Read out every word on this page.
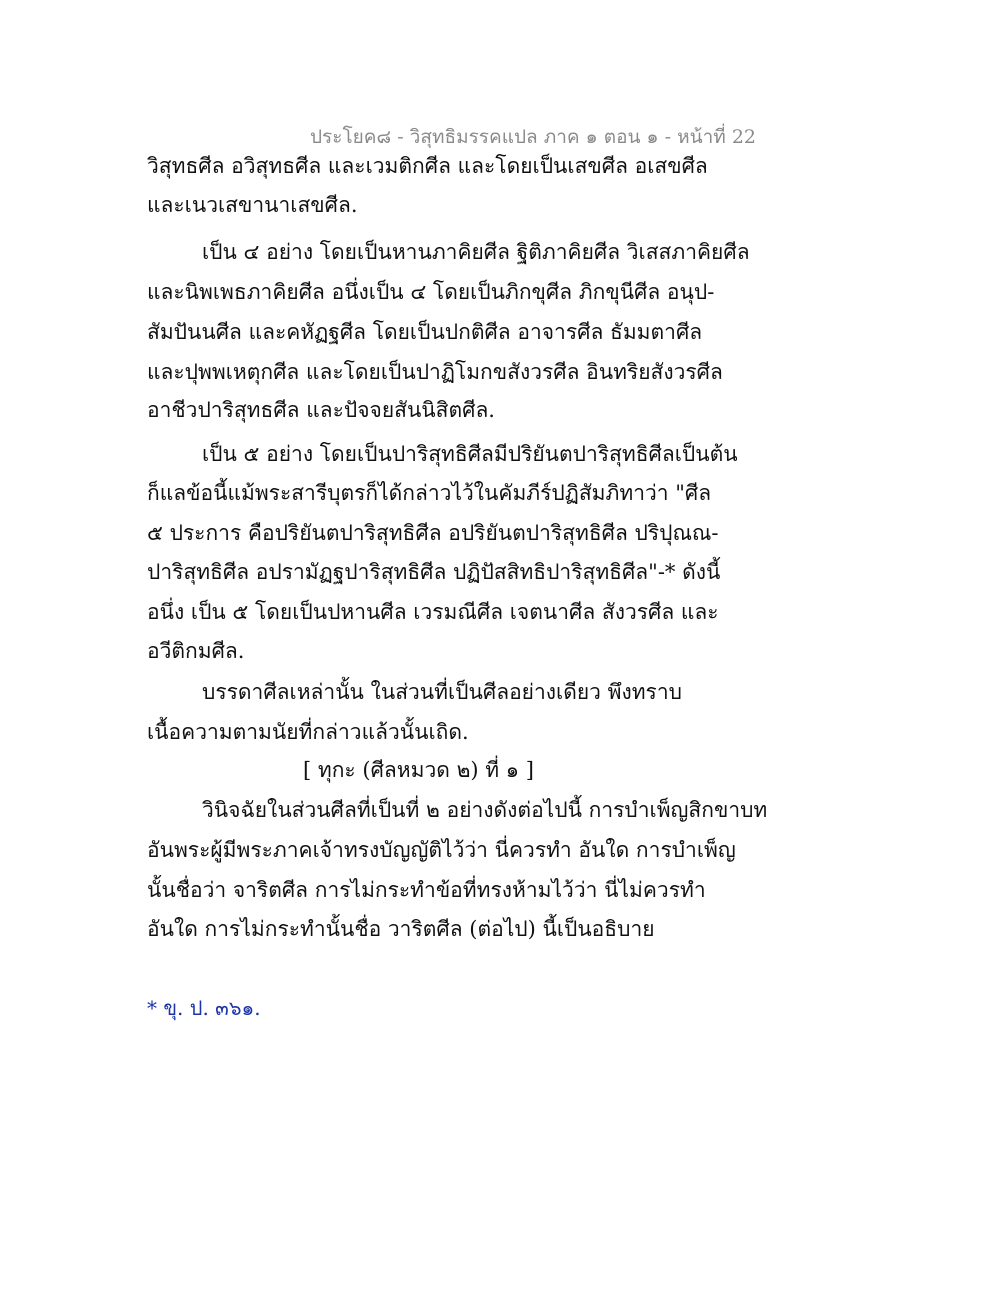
ประโยค๘ - วิสุทธิมรรคแปล ภาค ๑ ตอน ๑ - หน้าที่ 22
วิสุทธศีล อวิสุทธศีล และเวมติกศีล และโดยเป็นเสขศีล อเสขศีล
และเนวเสขานาเสขศีล.
เป็น ๔ อย่าง โดยเป็นหานภาคิยศีล ฐิติภาคิยศีล วิเสสภาคิยศีล
และนิพเพธภาคิยศีล อนึ่งเป็น ๔ โดยเป็นภิกขุศีล ภิกขุนีศีล อนุป-
สัมปันนศีล และคหัฏฐศีล โดยเป็นปกติศีล อาจารศีล ธัมมตาศีล
และปุพพเหตุกศีล และโดยเป็นปาฏิโมกขสังวรศีล อินทริยสังวรศีล
อาชีวปาริสุทธศีล และปัจจยสันนิสิตศีล.
เป็น ๕ อย่าง โดยเป็นปาริสุทธิศีลมีปริยันตปาริสุทธิศีลเป็นต้น
ก็แลข้อนี้แม้พระสารีบุตรก็ได้กล่าวไว้ในคัมภีร์ปฏิสัมภิทาว่า "ศีล
๕ ประการ คือปริยันตปาริสุทธิศีล อปริยันตปาริสุทธิศีล ปริปุณณ-
ปาริสุทธิศีล อปรามัฏฐปาริสุทธิศีล ปฏิปัสสิทธิปาริสุทธิศีล"-* ดังนี้
อนึ่ง เป็น ๕ โดยเป็นปหานศีล เวรมณีศีล เจตนาศีล สังวรศีล และ
อวีติกมศีล.
บรรดาศีลเหล่านั้น ในส่วนที่เป็นศีลอย่างเดียว พึงทราบ
เนื้อความตามนัยที่กล่าวแล้วนั้นเถิด.
[ ทุกะ (ศีลหมวด ๒) ที่ ๑ ]
วินิจฉัยในส่วนศีลที่เป็นที่ ๒ อย่างดังต่อไปนี้ การบำเพ็ญสิกขาบท
อันพระผู้มีพระภาคเจ้าทรงบัญญัติไว้ว่า นี่ควรทำ อันใด การบำเพ็ญ
นั้นชื่อว่า จาริตศีล การไม่กระทำข้อที่ทรงห้ามไว้ว่า นี่ไม่ควรทำ
อันใด การไม่กระทำนั้นชื่อ วาริตศีล (ต่อไป) นี้เป็นอธิบาย
* ขุ. ป. ๓๖๑.
